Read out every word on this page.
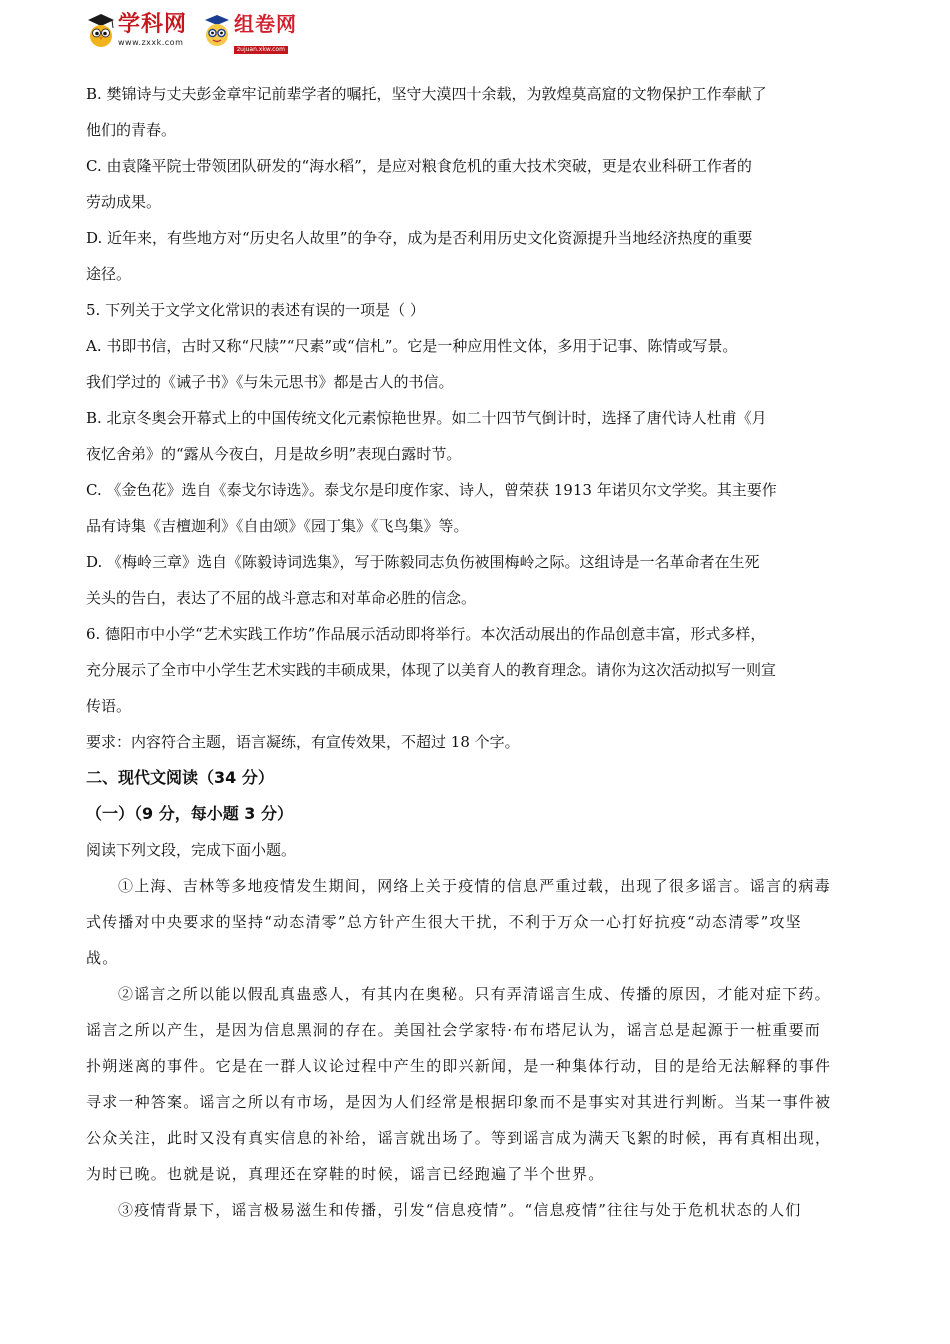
学科网
www.zxxk.com
组卷网
zujuan.xkw.com
B. 樊锦诗与丈夫彭金章牢记前辈学者的嘱托，坚守大漠四十余载，为敦煌莫高窟的文物保护工作奉献了
他们的青春。
C. 由袁隆平院士带领团队研发的“海水稻”，是应对粮食危机的重大技术突破，更是农业科研工作者的
劳动成果。
D. 近年来，有些地方对“历史名人故里”的争夺，成为是否利用历史文化资源提升当地经济热度的重要
途径。
5. 下列关于文学文化常识的表述有误的一项是（ ）
A. 书即书信，古时又称“尺牍”“尺素”或“信札”。它是一种应用性文体，多用于记事、陈情或写景。
我们学过的《诫子书》《与朱元思书》都是古人的书信。
B. 北京冬奥会开幕式上的中国传统文化元素惊艳世界。如二十四节气倒计时，选择了唐代诗人杜甫《月
夜忆舍弟》的“露从今夜白，月是故乡明”表现白露时节。
C. 《金色花》选自《泰戈尔诗选》。泰戈尔是印度作家、诗人，曾荣获 1913 年诺贝尔文学奖。其主要作
品有诗集《吉檀迦利》《自由颂》《园丁集》《飞鸟集》等。
D. 《梅岭三章》选自《陈毅诗词选集》，写于陈毅同志负伤被围梅岭之际。这组诗是一名革命者在生死
关头的告白，表达了不屈的战斗意志和对革命必胜的信念。
6. 德阳市中小学“艺术实践工作坊”作品展示活动即将举行。本次活动展出的作品创意丰富，形式多样，
充分展示了全市中小学生艺术实践的丰硕成果，体现了以美育人的教育理念。请你为这次活动拟写一则宣
传语。
要求：内容符合主题，语言凝练，有宣传效果，不超过 18 个字。
二、现代文阅读（34 分）
（一）（9 分，每小题 3 分）
阅读下列文段，完成下面小题。
①上海、吉林等多地疫情发生期间，网络上关于疫情的信息严重过载，出现了很多谣言。谣言的病毒
式传播对中央要求的坚持“动态清零”总方针产生很大干扰，不利于万众一心打好抗疫“动态清零”攻坚
战。
②谣言之所以能以假乱真蛊惑人，有其内在奥秘。只有弄清谣言生成、传播的原因，才能对症下药。
谣言之所以产生，是因为信息黑洞的存在。美国社会学家特·布布塔尼认为，谣言总是起源于一桩重要而
扑朔迷离的事件。它是在一群人议论过程中产生的即兴新闻，是一种集体行动，目的是给无法解释的事件
寻求一种答案。谣言之所以有市场，是因为人们经常是根据印象而不是事实对其进行判断。当某一事件被
公众关注，此时又没有真实信息的补给，谣言就出场了。等到谣言成为满天飞絮的时候，再有真相出现，
为时已晚。也就是说，真理还在穿鞋的时候，谣言已经跑遍了半个世界。
③疫情背景下，谣言极易滋生和传播，引发“信息疫情”。“信息疫情”往往与处于危机状态的人们
